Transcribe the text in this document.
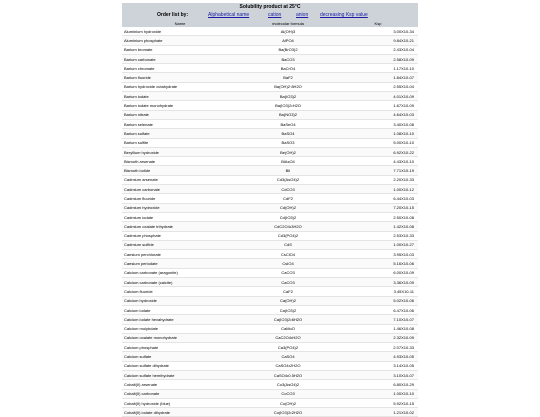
Solubility product at 25°C
Order list by:	Alphabetical name	cation	anion decreasing Ksp value
Name	molecular formula	Ksp
Aluminium hydroxide	Al(OH)3	3.00X10-34
Aluminium phosphate	AlPO4	9.84X10-21
Barium bromate	Ba(BrO3)2	2.43X10-04
Barium carbonate	BaCO3	2.58X10-09
Barium chromate	BaCrO4	1.17X10-10
Barium fluoride	BaF2	1.84X10-07
Barium hydroxide octahydrate	Ba(OH)2·8H2O	2.55X10-04
Barium iodate	Ba(IO3)2	4.01X10-09
Barium iodate monohydrate	Ba(IO3)2•H2O	1.67X10-09
Barium nitrate	Ba(NO3)2	4.64X10-03
Barium selenate	BaSeO4	3.40X10-08
Barium sulfate	BaSO4	1.08X10-10
Barium sulfite	BaSO3	5.00X10-10
Beryllium hydroxide	Be(OH)2	6.92X10-22
Bismuth arsenate	BiAsO4	4.43X10-10
Bismuth iodide	BiI	7.71X10-19
Cadmium arsenate	Cd3(AsO4)2	2.20X10-33
Cadmium carbonate	CdCO3	1.00X10-12
Cadmium fluoride	CdF2	6.44X10-03
Cadmium hydroxide	Cd(OH)2	7.20X10-15
Cadmium iodate	Cd(IO3)2	2.50X10-08
Cadmium oxalate trihydrate	CdC2O4•3H2O	1.42X10-08
Cadmium phosphate	Cd3(PO4)2	2.53X10-33
Cadmium sulfide	CdS	1.00X10-27
Caesium perchlorate	CsClO4	3.95X10-03
Caesium periodate	CsIO4	5.16X10-06
Calcium carbonate (aragonite)	CaCO3	6.00X10-09
Calcium carbonate (calcite)	CaCO3	3.36X10-09
Calcium fluoride	CaF2	3.45X10-11
Calcium hydroxide	Ca(OH)2	5.02X10-06
Calcium iodate	Ca(IO3)2	6.47X10-06
Calcium iodate hexahydrate	Ca(IO3)2•6H2O	7.10X10-07
Calcium molybdate	CaMoO	1.46X10-08
Calcium oxalate monohydrate	CaC2O4•H2O	2.32X10-09
Calcium phosphate	Ca3(PO4)2	2.07X10-33
Calcium sulfate	CaSO4	4.93X10-05
Calcium sulfate dihydrate	CaSO4•2H2O	3.14X10-05
Calcium sulfate hemihydrate	CaSO4•0.5H2O	3.10X10-07
Cobalt(II) arsenate	Co3(AsO4)2	6.80X10-29
Cobalt(II) carbonate	CoCO3	1.00X10-10
Cobalt(II) hydroxide (blue)	Co(OH)2	5.92X10-15
Cobalt(II) iodate dihydrate	Co(IO3)2•2H2O	1.21X10-02
